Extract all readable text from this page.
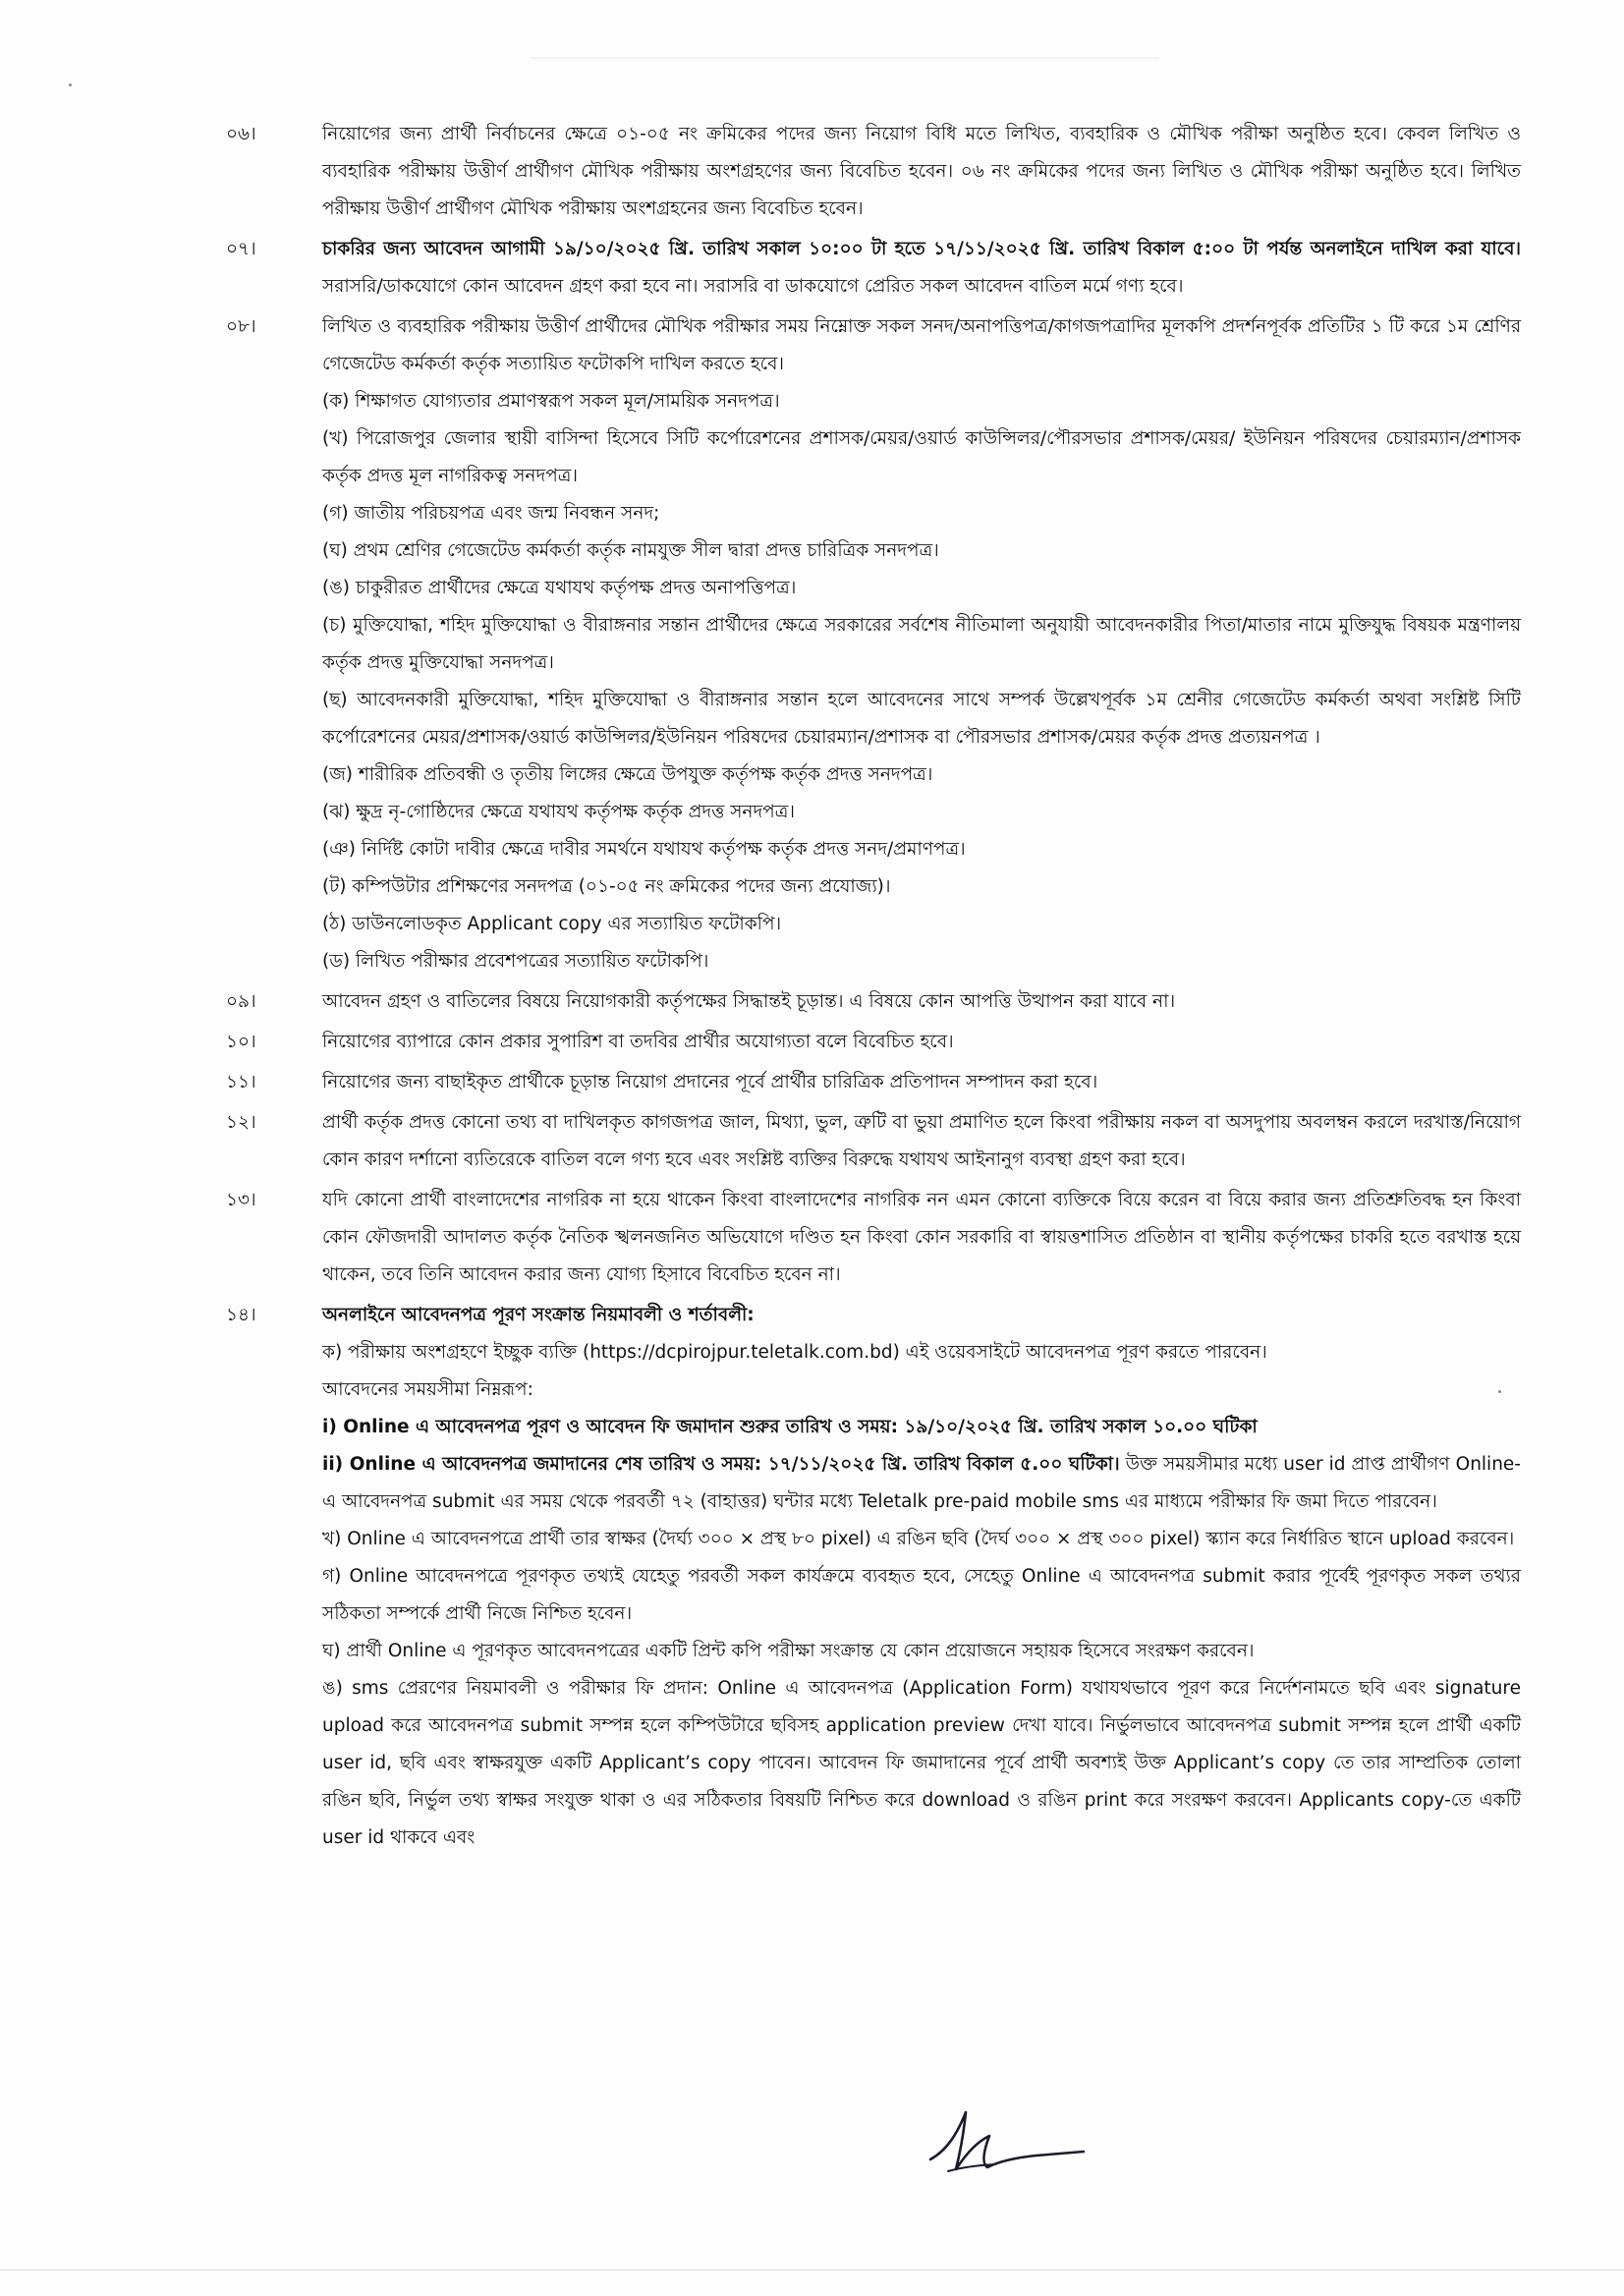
০৬।	নিয়োগের জন্য প্রার্থী নির্বাচনের ক্ষেত্রে ০১-০৫ নং ক্রমিকের পদের জন্য নিয়োগ বিধি মতে লিখিত, ব্যবহারিক ও মৌখিক পরীক্ষা অনুষ্ঠিত হবে। কেবল লিখিত ও ব্যবহারিক পরীক্ষায় উত্তীর্ণ প্রার্থীগণ মৌখিক পরীক্ষায় অংশগ্রহণের জন্য বিবেচিত হবেন। ০৬ নং ক্রমিকের পদের জন্য লিখিত ও মৌখিক পরীক্ষা অনুষ্ঠিত হবে। লিখিত পরীক্ষায় উত্তীর্ণ প্রার্থীগণ মৌখিক পরীক্ষায় অংশগ্রহনের জন্য বিবেচিত হবেন।
০৭।	চাকরির জন্য আবেদন আগামী ১৯/১০/২০২৫ খ্রি. তারিখ সকাল ১০:০০ টা হতে ১৭/১১/২০২৫ খ্রি. তারিখ বিকাল ৫:০০ টা পর্যন্ত অনলাইনে দাখিল করা যাবে। সরাসরি/ডাকযোগে কোন আবেদন গ্রহণ করা হবে না। সরাসরি বা ডাকযোগে প্রেরিত সকল আবেদন বাতিল মর্মে গণ্য হবে।
০৮।	লিখিত ও ব্যবহারিক পরীক্ষায় উত্তীর্ণ প্রার্থীদের মৌখিক পরীক্ষার সময় নিম্নোক্ত সকল সনদ/অনাপত্তিপত্র/কাগজপত্রাদির মূলকপি প্রদর্শনপূর্বক প্রতিটির ১ টি করে ১ম শ্রেণির গেজেটেড কর্মকর্তা কর্তৃক সত্যায়িত ফটোকপি দাখিল করতে হবে।
(ক) শিক্ষাগত যোগ্যতার প্রমাণস্বরূপ সকল মূল/সাময়িক সনদপত্র।
(খ) পিরোজপুর জেলার স্থায়ী বাসিন্দা হিসেবে সিটি কর্পোরেশনের প্রশাসক/মেয়র/ওয়ার্ড কাউন্সিলর/পৌরসভার প্রশাসক/মেয়র/ ইউনিয়ন পরিষদের চেয়ারম্যান/প্রশাসক কর্তৃক প্রদত্ত মূল নাগরিকত্ব সনদপত্র।
(গ) জাতীয় পরিচয়পত্র এবং জন্ম নিবন্ধন সনদ;
(ঘ) প্রথম শ্রেণির গেজেটেড কর্মকর্তা কর্তৃক নামযুক্ত সীল দ্বারা প্রদত্ত চারিত্রিক সনদপত্র।
(ঙ) চাকুরীরত প্রার্থীদের ক্ষেত্রে যথাযথ কর্তৃপক্ষ প্রদত্ত অনাপত্তিপত্র।
(চ) মুক্তিযোদ্ধা, শহিদ মুক্তিযোদ্ধা ও বীরাঙ্গনার সন্তান প্রার্থীদের ক্ষেত্রে সরকারের সর্বশেষ নীতিমালা অনুযায়ী আবেদনকারীর পিতা/মাতার নামে মুক্তিযুদ্ধ বিষয়ক মন্ত্রণালয় কর্তৃক প্রদত্ত মুক্তিযোদ্ধা সনদপত্র।
(ছ) আবেদনকারী মুক্তিযোদ্ধা, শহিদ মুক্তিযোদ্ধা ও বীরাঙ্গনার সন্তান হলে আবেদনের সাথে সম্পর্ক উল্লেখপূর্বক ১ম শ্রেনীর গেজেটেড কর্মকর্তা অথবা সংশ্লিষ্ট সিটি কর্পোরেশনের মেয়র/প্রশাসক/ওয়ার্ড কাউন্সিলর/ইউনিয়ন পরিষদের চেয়ারম্যান/প্রশাসক বা পৌরসভার প্রশাসক/মেয়র কর্তৃক প্রদত্ত প্রত্যয়নপত্র ।
(জ) শারীরিক প্রতিবন্ধী ও তৃতীয় লিঙ্গের ক্ষেত্রে উপযুক্ত কর্তৃপক্ষ কর্তৃক প্রদত্ত সনদপত্র।
(ঝ) ক্ষুদ্র নৃ-গোষ্ঠিদের ক্ষেত্রে যথাযথ কর্তৃপক্ষ কর্তৃক প্রদত্ত সনদপত্র।
(ঞ) নির্দিষ্ট কোটা দাবীর ক্ষেত্রে দাবীর সমর্থনে যথাযথ কর্তৃপক্ষ কর্তৃক প্রদত্ত সনদ/প্রমাণপত্র।
(ট) কম্পিউটার প্রশিক্ষণের সনদপত্র (০১-০৫ নং ক্রমিকের পদের জন্য প্রযোজ্য)।
(ঠ) ডাউনলোডকৃত Applicant copy এর সত্যায়িত ফটোকপি।
(ড) লিখিত পরীক্ষার প্রবেশপত্রের সত্যায়িত ফটোকপি।
০৯।	আবেদন গ্রহণ ও বাতিলের বিষয়ে নিয়োগকারী কর্তৃপক্ষের সিদ্ধান্তই চূড়ান্ত। এ বিষয়ে কোন আপত্তি উত্থাপন করা যাবে না।
১০।	নিয়োগের ব্যাপারে কোন প্রকার সুপারিশ বা তদবির প্রার্থীর অযোগ্যতা বলে বিবেচিত হবে।
১১।	নিয়োগের জন্য বাছাইকৃত প্রার্থীকে চূড়ান্ত নিয়োগ প্রদানের পূর্বে প্রার্থীর চারিত্রিক প্রতিপাদন সম্পাদন করা হবে।
১২।	প্রার্থী কর্তৃক প্রদত্ত কোনো তথ্য বা দাখিলকৃত কাগজপত্র জাল, মিথ্যা, ভুল, ত্রুটি বা ভুয়া প্রমাণিত হলে কিংবা পরীক্ষায় নকল বা অসদুপায় অবলম্বন করলে দরখাস্ত/নিয়োগ কোন কারণ দর্শানো ব্যতিরেকে বাতিল বলে গণ্য হবে এবং সংশ্লিষ্ট ব্যক্তির বিরুদ্ধে যথাযথ আইনানুগ ব্যবস্থা গ্রহণ করা হবে।
১৩।	যদি কোনো প্রার্থী বাংলাদেশের নাগরিক না হয়ে থাকেন কিংবা বাংলাদেশের নাগরিক নন এমন কোনো ব্যক্তিকে বিয়ে করেন বা বিয়ে করার জন্য প্রতিশ্রুতিবদ্ধ হন কিংবা কোন ফৌজদারী আদালত কর্তৃক নৈতিক স্খলনজনিত অভিযোগে দণ্ডিত হন কিংবা কোন সরকারি বা স্বায়ত্তশাসিত প্রতিষ্ঠান বা স্থানীয় কর্তৃপক্ষের চাকরি হতে বরখাস্ত হয়ে থাকেন, তবে তিনি আবেদন করার জন্য যোগ্য হিসাবে বিবেচিত হবেন না।
১৪।	অনলাইনে আবেদনপত্র পূরণ সংক্রান্ত নিয়মাবলী ও শর্তাবলী:
ক) পরীক্ষায় অংশগ্রহণে ইচ্ছুক ব্যক্তি (https://dcpirojpur.teletalk.com.bd) এই ওয়েবসাইটে আবেদনপত্র পূরণ করতে পারবেন।
আবেদনের সময়সীমা নিম্নরূপ:
i) Online এ আবেদনপত্র পূরণ ও আবেদন ফি জমাদান শুরুর তারিখ ও সময়: ১৯/১০/২০২৫ খ্রি. তারিখ সকাল ১০.০০ ঘটিকা
ii) Online এ আবেদনপত্র জমাদানের শেষ তারিখ ও সময়: ১৭/১১/২০২৫ খ্রি. তারিখ বিকাল ৫.০০ ঘটিকা। উক্ত সময়সীমার মধ্যে user id প্রাপ্ত প্রার্থীগণ Online-এ আবেদনপত্র submit এর সময় থেকে পরবর্তী ৭২ (বাহাত্তর) ঘন্টার মধ্যে Teletalk pre-paid mobile sms এর মাধ্যমে পরীক্ষার ফি জমা দিতে পারবেন।
খ) Online এ আবেদনপত্রে প্রার্থী তার স্বাক্ষর (দৈর্ঘ্য ৩০০ × প্রস্থ ৮০ pixel) এ রঙিন ছবি (দৈর্ঘ ৩০০ × প্রস্থ ৩০০ pixel) স্ক্যান করে নির্ধারিত স্থানে upload করবেন।
গ) Online আবেদনপত্রে পূরণকৃত তথ্যই যেহেতু পরবর্তী সকল কার্যক্রমে ব্যবহৃত হবে, সেহেতু Online এ আবেদনপত্র submit করার পূর্বেই পূরণকৃত সকল তথ্যর সঠিকতা সম্পর্কে প্রার্থী নিজে নিশ্চিত হবেন।
ঘ) প্রার্থী Online এ পূরণকৃত আবেদনপত্রের একটি প্রিন্ট কপি পরীক্ষা সংক্রান্ত যে কোন প্রয়োজনে সহায়ক হিসেবে সংরক্ষণ করবেন।
ঙ) sms প্রেরণের নিয়মাবলী ও পরীক্ষার ফি প্রদান: Online এ আবেদনপত্র (Application Form) যথাযথভাবে পূরণ করে নির্দেশনামতে ছবি এবং signature upload করে আবেদনপত্র submit সম্পন্ন হলে কম্পিউটারে ছবিসহ application preview দেখা যাবে। নির্ভুলভাবে আবেদনপত্র submit সম্পন্ন হলে প্রার্থী একটি user id, ছবি এবং স্বাক্ষরযুক্ত একটি Applicant’s copy পাবেন। আবেদন ফি জমাদানের পূর্বে প্রার্থী অবশ্যই উক্ত Applicant’s copy তে তার সাম্প্রতিক তোলা রঙিন ছবি, নির্ভুল তথ্য স্বাক্ষর সংযুক্ত থাকা ও এর সঠিকতার বিষয়টি নিশ্চিত করে download ও রঙিন print করে সংরক্ষণ করবেন। Applicants copy-তে একটি user id থাকবে এবং
